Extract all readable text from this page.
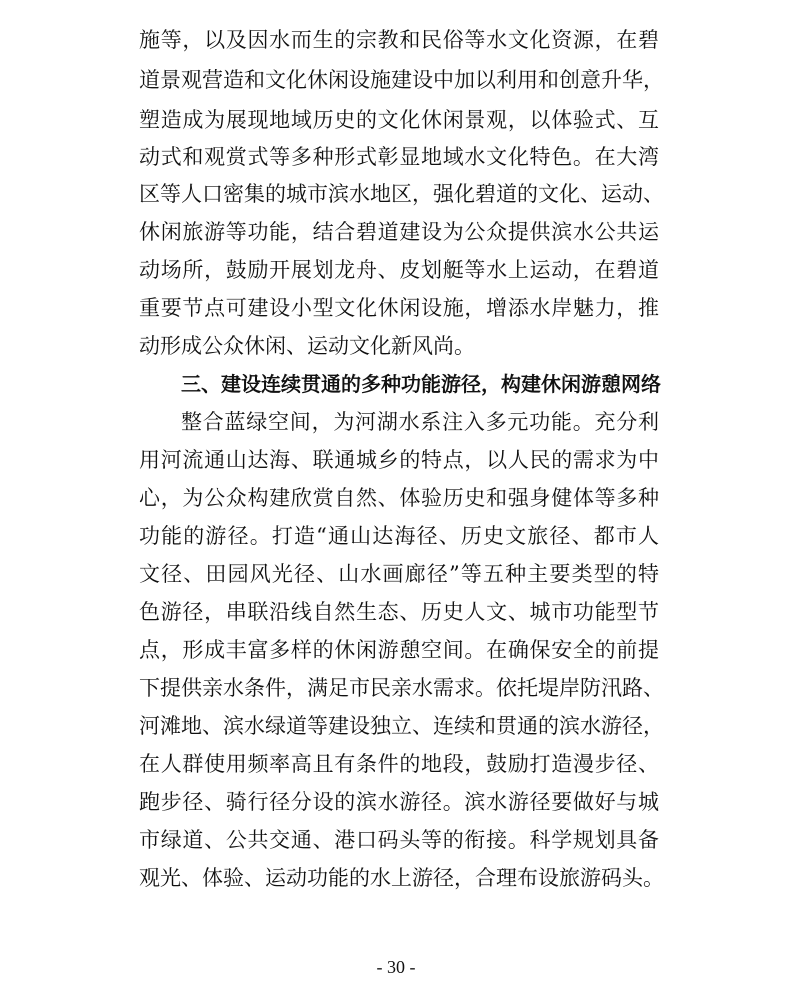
施等，以及因水而生的宗教和民俗等水文化资源，在碧
道景观营造和文化休闲设施建设中加以利用和创意升华，
塑造成为展现地域历史的文化休闲景观，以体验式、互
动式和观赏式等多种形式彰显地域水文化特色。在大湾
区等人口密集的城市滨水地区，强化碧道的文化、运动、
休闲旅游等功能，结合碧道建设为公众提供滨水公共运
动场所，鼓励开展划龙舟、皮划艇等水上运动，在碧道
重要节点可建设小型文化休闲设施，增添水岸魅力，推
动形成公众休闲、运动文化新风尚。
三、建设连续贯通的多种功能游径，构建休闲游憩网络
整合蓝绿空间，为河湖水系注入多元功能。充分利
用河流通山达海、联通城乡的特点，以人民的需求为中
心，为公众构建欣赏自然、体验历史和强身健体等多种
功能的游径。打造“通山达海径、历史文旅径、都市人
文径、田园风光径、山水画廊径”等五种主要类型的特
色游径，串联沿线自然生态、历史人文、城市功能型节
点，形成丰富多样的休闲游憩空间。在确保安全的前提
下提供亲水条件，满足市民亲水需求。依托堤岸防汛路、
河滩地、滨水绿道等建设独立、连续和贯通的滨水游径，
在人群使用频率高且有条件的地段，鼓励打造漫步径、
跑步径、骑行径分设的滨水游径。滨水游径要做好与城
市绿道、公共交通、港口码头等的衔接。科学规划具备
观光、体验、运动功能的水上游径，合理布设旅游码头。
- 30 -
